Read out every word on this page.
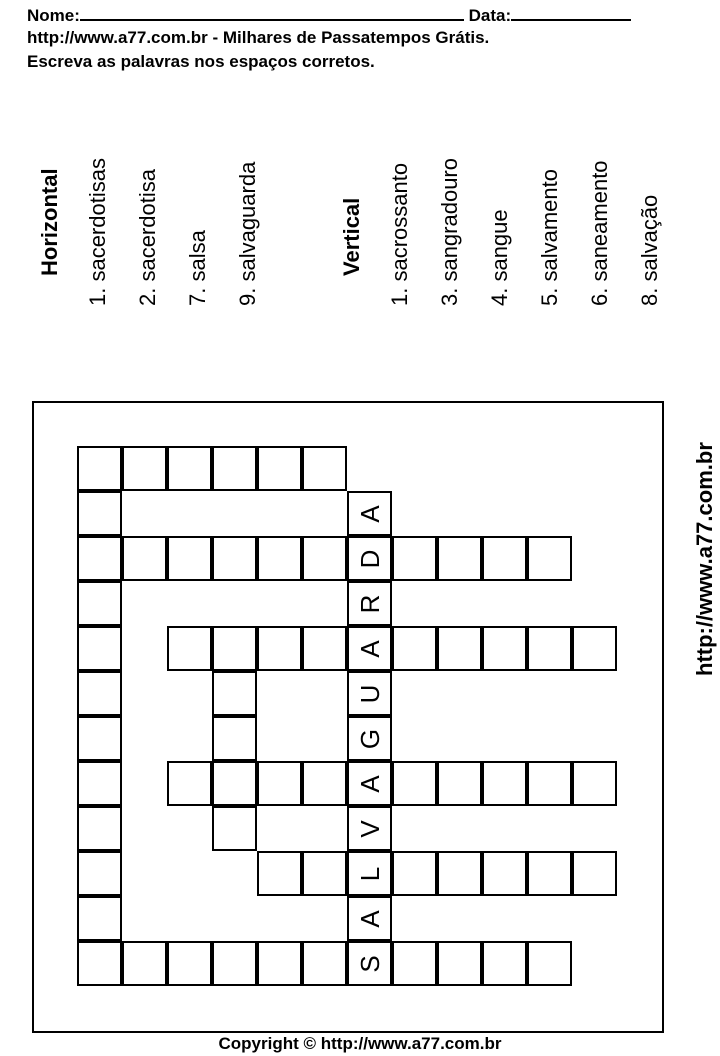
Nome:	Data:
http://www.a77.com.br - Milhares de Passatempos Grátis.
Escreva as palavras nos espaços corretos.
Horizontal 1. sacerdotisas 2. sacerdotisa 7. salsa 9. salvaguarda	Vertical 1. sacrossanto 3. sangradouro 4. sangue 5. salvamento 6. saneamento 8. salvação
D
A
A
L
S
A
R
U
G
V
A
http://www.a77.com.br
Copyright © http://www.a77.com.br
